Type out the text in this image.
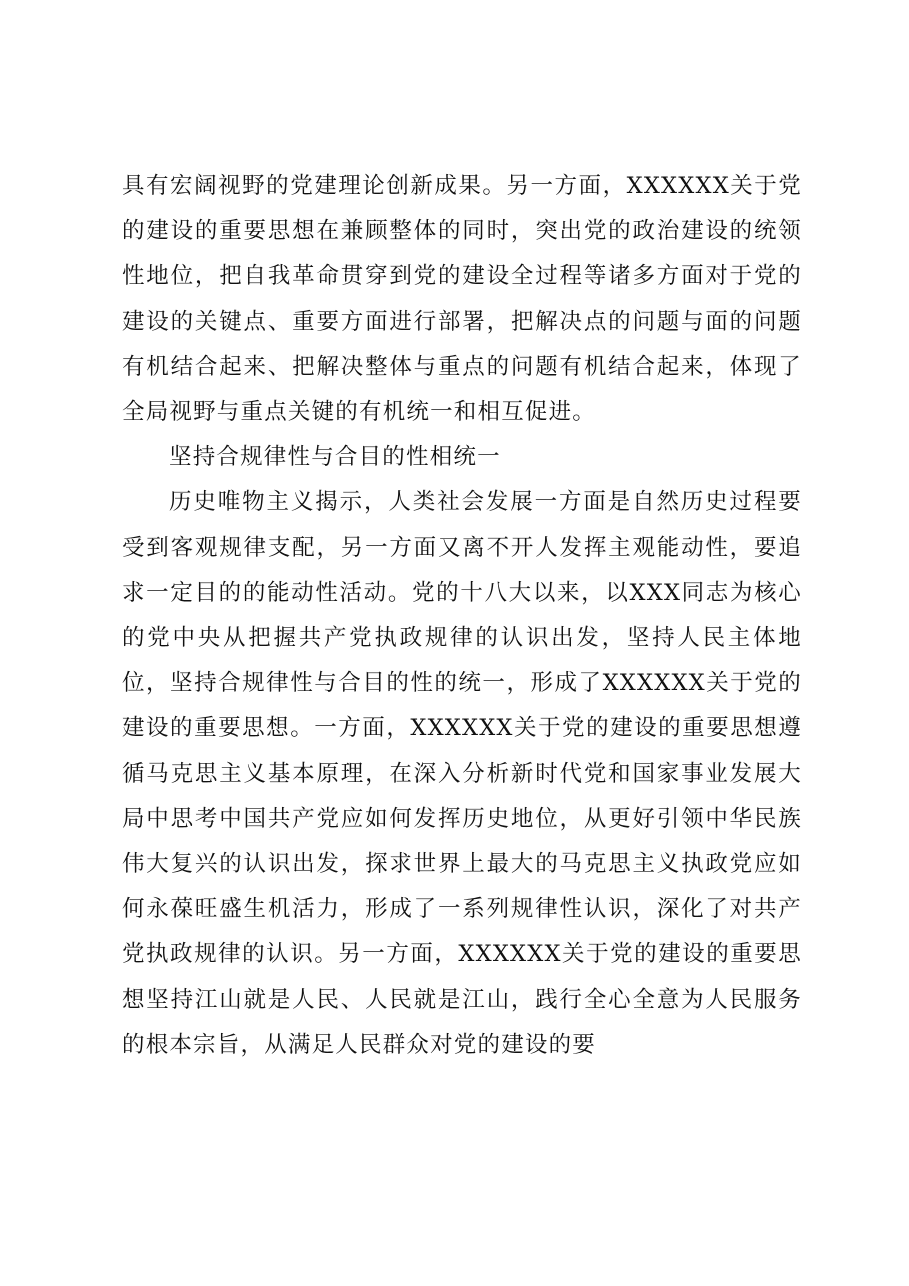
具有宏阔视野的党建理论创新成果。另一方面，XXXXXX关于党的建设的重要思想在兼顾整体的同时，突出党的政治建设的统领性地位，把自我革命贯穿到党的建设全过程等诸多方面对于党的建设的关键点、重要方面进行部署，把解决点的问题与面的问题有机结合起来、把解决整体与重点的问题有机结合起来，体现了全局视野与重点关键的有机统一和相互促进。

坚持合规律性与合目的性相统一

历史唯物主义揭示，人类社会发展一方面是自然历史过程要受到客观规律支配，另一方面又离不开人发挥主观能动性，要追求一定目的的能动性活动。党的十八大以来，以XXX同志为核心的党中央从把握共产党执政规律的认识出发，坚持人民主体地位，坚持合规律性与合目的性的统一，形成了XXXXXX关于党的建设的重要思想。一方面，XXXXXX关于党的建设的重要思想遵循马克思主义基本原理，在深入分析新时代党和国家事业发展大局中思考中国共产党应如何发挥历史地位，从更好引领中华民族伟大复兴的认识出发，探求世界上最大的马克思主义执政党应如何永葆旺盛生机活力，形成了一系列规律性认识，深化了对共产党执政规律的认识。另一方面，XXXXXX关于党的建设的重要思想坚持江山就是人民、人民就是江山，践行全心全意为人民服务的根本宗旨，从满足人民群众对党的建设的要
